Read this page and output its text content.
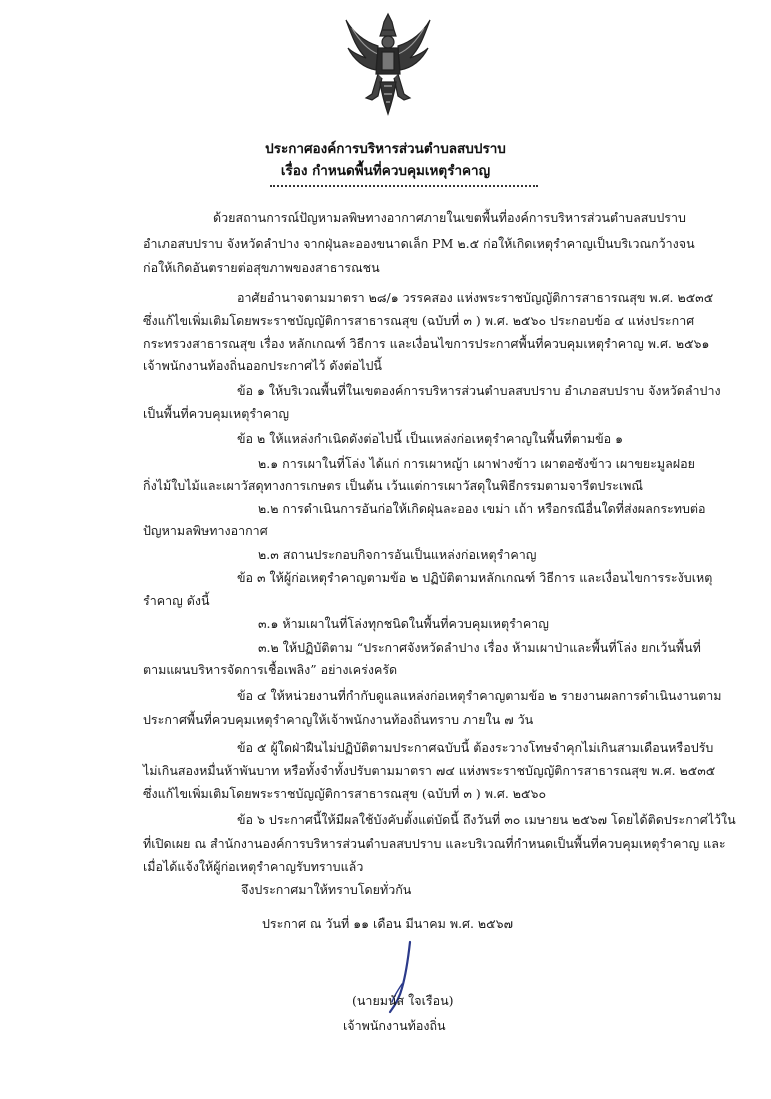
ประกาศองค์การบริหารส่วนตำบลสบปราบ
เรื่อง กำหนดพื้นที่ควบคุมเหตุรำคาญ
ด้วยสถานการณ์ปัญหามลพิษทางอากาศภายในเขตพื้นที่องค์การบริหารส่วนตำบลสบปราบ
อำเภอสบปราบ จังหวัดลำปาง จากฝุ่นละอองขนาดเล็ก PM ๒.๕ ก่อให้เกิดเหตุรำคาญเป็นบริเวณกว้างจน
ก่อให้เกิดอันตรายต่อสุขภาพของสาธารณชน
อาศัยอำนาจตามมาตรา ๒๘/๑ วรรคสอง แห่งพระราชบัญญัติการสาธารณสุข พ.ศ. ๒๕๓๕
ซึ่งแก้ไขเพิ่มเติมโดยพระราชบัญญัติการสาธารณสุข (ฉบับที่ ๓ ) พ.ศ. ๒๕๖๐ ประกอบข้อ ๔ แห่งประกาศ
กระทรวงสาธารณสุข เรื่อง หลักเกณฑ์ วิธีการ และเงื่อนไขการประกาศพื้นที่ควบคุมเหตุรำคาญ พ.ศ. ๒๕๖๑
เจ้าพนักงานท้องถิ่นออกประกาศไว้ ดังต่อไปนี้
ข้อ ๑ ให้บริเวณพื้นที่ในเขตองค์การบริหารส่วนตำบลสบปราบ อำเภอสบปราบ จังหวัดลำปาง
เป็นพื้นที่ควบคุมเหตุรำคาญ
ข้อ ๒ ให้แหล่งกำเนิดดังต่อไปนี้ เป็นแหล่งก่อเหตุรำคาญในพื้นที่ตามข้อ ๑
๒.๑ การเผาในที่โล่ง ได้แก่ การเผาหญ้า เผาฟางข้าว เผาตอซังข้าว เผาขยะมูลฝอย
กิ่งไม้ใบไม้และเผาวัสดุทางการเกษตร เป็นต้น เว้นแต่การเผาวัสดุในพิธีกรรมตามจารีตประเพณี
๒.๒ การดำเนินการอันก่อให้เกิดฝุ่นละออง เขม่า เถ้า หรือกรณีอื่นใดที่ส่งผลกระทบต่อ
ปัญหามลพิษทางอากาศ
๒.๓ สถานประกอบกิจการอันเป็นแหล่งก่อเหตุรำคาญ
ข้อ ๓ ให้ผู้ก่อเหตุรำคาญตามข้อ ๒ ปฏิบัติตามหลักเกณฑ์ วิธีการ และเงื่อนไขการระงับเหตุ
รำคาญ ดังนี้
๓.๑ ห้ามเผาในที่โล่งทุกชนิดในพื้นที่ควบคุมเหตุรำคาญ
๓.๒ ให้ปฏิบัติตาม “ประกาศจังหวัดลำปาง เรื่อง ห้ามเผาป่าและพื้นที่โล่ง ยกเว้นพื้นที่
ตามแผนบริหารจัดการเชื้อเพลิง” อย่างเคร่งครัด
ข้อ ๔ ให้หน่วยงานที่กำกับดูแลแหล่งก่อเหตุรำคาญตามข้อ ๒ รายงานผลการดำเนินงานตาม
ประกาศพื้นที่ควบคุมเหตุรำคาญให้เจ้าพนักงานท้องถิ่นทราบ ภายใน ๗ วัน
ข้อ ๕ ผู้ใดฝ่าฝืนไม่ปฏิบัติตามประกาศฉบับนี้ ต้องระวางโทษจำคุกไม่เกินสามเดือนหรือปรับ
ไม่เกินสองหมื่นห้าพันบาท หรือทั้งจำทั้งปรับตามมาตรา ๗๔ แห่งพระราชบัญญัติการสาธารณสุข พ.ศ. ๒๕๓๕
ซึ่งแก้ไขเพิ่มเติมโดยพระราชบัญญัติการสาธารณสุข (ฉบับที่ ๓ ) พ.ศ. ๒๕๖๐
ข้อ ๖ ประกาศนี้ให้มีผลใช้บังคับตั้งแต่บัดนี้ ถึงวันที่ ๓๐ เมษายน ๒๕๖๗ โดยได้ติดประกาศไว้ใน
ที่เปิดเผย ณ สำนักงานองค์การบริหารส่วนตำบลสบปราบ และบริเวณที่กำหนดเป็นพื้นที่ควบคุมเหตุรำคาญ และ
เมื่อได้แจ้งให้ผู้ก่อเหตุรำคาญรับทราบแล้ว
จึงประกาศมาให้ทราบโดยทั่วกัน
ประกาศ ณ วันที่ ๑๑ เดือน มีนาคม พ.ศ. ๒๕๖๗
(นายมนัส ใจเรือน)
เจ้าพนักงานท้องถิ่น
